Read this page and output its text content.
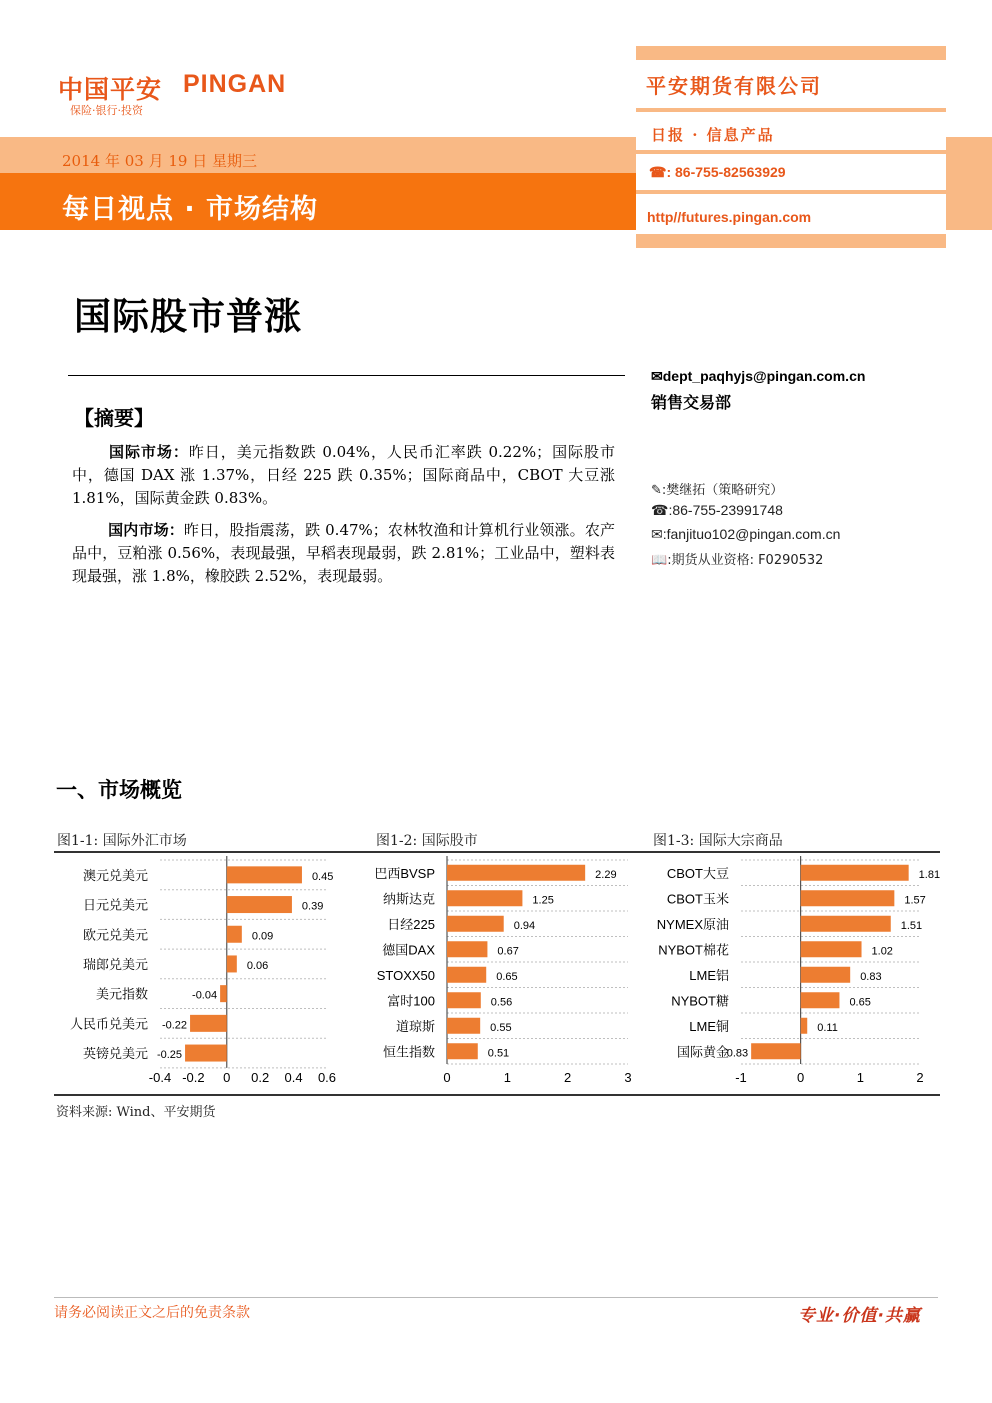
中国平安 PINGAN
保险·银行·投资
2014 年 03 月 19 日 星期三
每日视点 · 市场结构
平安期货有限公司
日报 · 信息产品
☎: 86-755-82563929
http//futures.pingan.com
国际股市普涨
✉dept_paqhyjs@pingan.com.cn
销售交易部
✎:樊继拓（策略研究）
☎:86-755-23991748
✉:fanjituo102@pingan.com.cn
📖:期货从业资格: F0290532
【摘要】
国际市场：昨日，美元指数跌 0.04%，人民币汇率跌 0.22%；国际股市中，德国 DAX 涨 1.37%，日经 225 跌 0.35%；国际商品中，CBOT 大豆涨 1.81%，国际黄金跌 0.83%。
国内市场：昨日，股指震荡，跌 0.47%；农林牧渔和计算机行业领涨。农产品中，豆粕涨 0.56%，表现最强，早稻表现最弱，跌 2.81%；工业品中，塑料表现最强，涨 1.8%，橡胶跌 2.52%，表现最弱。
一、市场概览
图1-1: 国际外汇市场	图1-2: 国际股市	图1-3: 国际大宗商品
澳元兑美元	0.45
日元兑美元	0.39
欧元兑美元	0.09
瑞郎兑美元	0.06
美元指数	-0.04
人民币兑美元 -0.22
英镑兑美元 -0.25
-0.4 -0.2 0 0.2 0.4 0.6
巴西BVSP	2.29
纳斯达克	1.25
日经225	0.94
德国DAX	0.67
STOXX50	0.65
富时100	0.56
道琼斯	0.55
恒生指数	0.51
0	1	2	3
CBOT大豆	1.81
CBOT玉米	1.57
NYMEX原油	1.51
NYBOT棉花	1.02
LME铝	0.83
NYBOT糖	0.65
LME铜	0.11
国际黄金
0.83
-1	0	1	2
资料来源: Wind、平安期货
请务必阅读正文之后的免责条款	专业·价值·共赢
